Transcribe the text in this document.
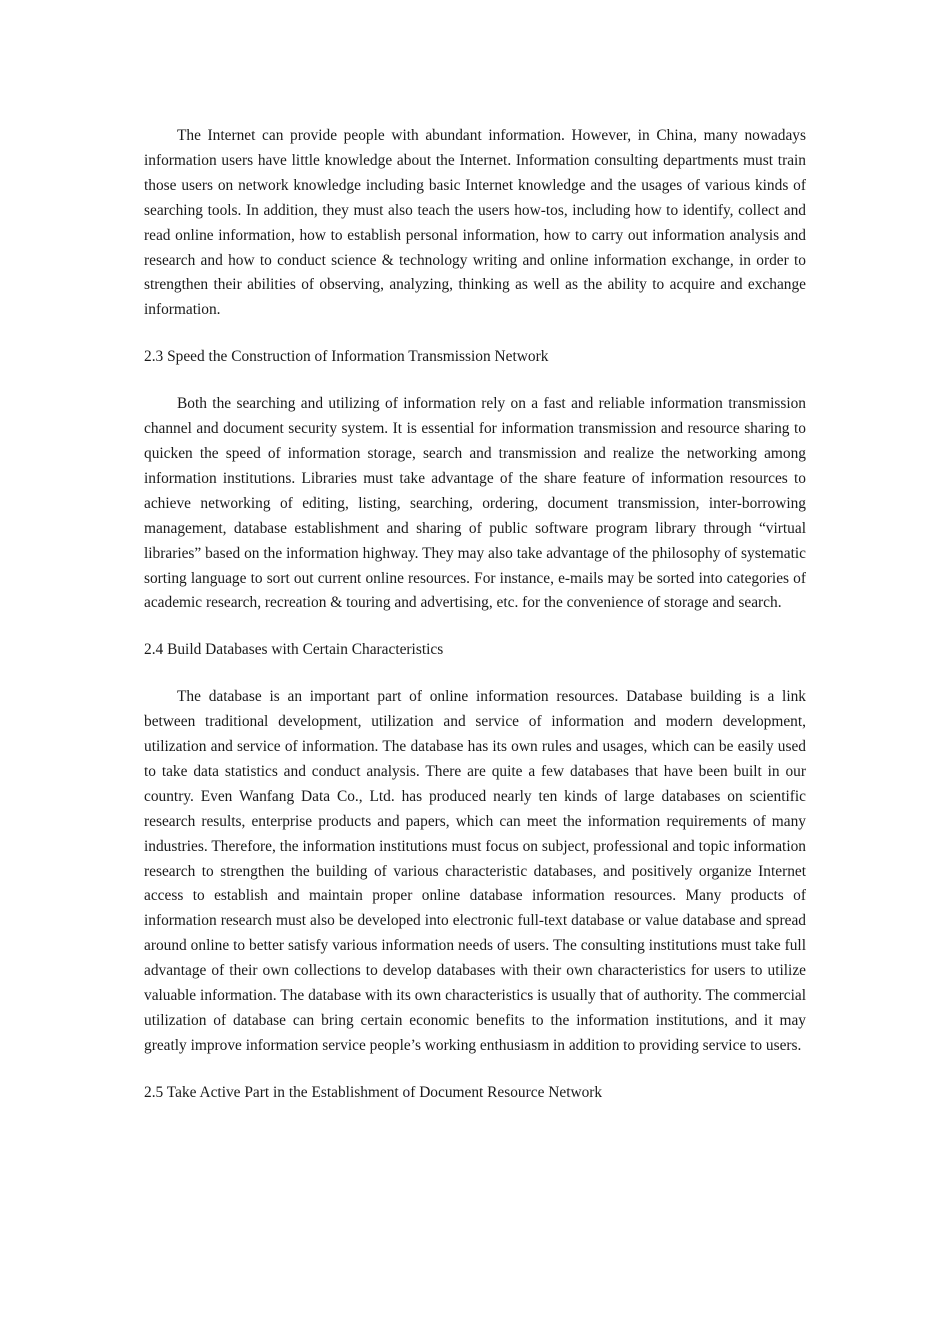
The Internet can provide people with abundant information. However, in China, many nowadays information users have little knowledge about the Internet. Information consulting departments must train those users on network knowledge including basic Internet knowledge and the usages of various kinds of searching tools. In addition, they must also teach the users how-tos, including how to identify, collect and read online information, how to establish personal information, how to carry out information analysis and research and how to conduct science & technology writing and online information exchange, in order to strengthen their abilities of observing, analyzing, thinking as well as the ability to acquire and exchange information.

2.3 Speed the Construction of Information Transmission Network

Both the searching and utilizing of information rely on a fast and reliable information transmission channel and document security system. It is essential for information transmission and resource sharing to quicken the speed of information storage, search and transmission and realize the networking among information institutions. Libraries must take advantage of the share feature of information resources to achieve networking of editing, listing, searching, ordering, document transmission, inter-borrowing management, database establishment and sharing of public software program library through “virtual libraries” based on the information highway. They may also take advantage of the philosophy of systematic sorting language to sort out current online resources. For instance, e-mails may be sorted into categories of academic research, recreation & touring and advertising, etc. for the convenience of storage and search.

2.4 Build Databases with Certain Characteristics

The database is an important part of online information resources. Database building is a link between traditional development, utilization and service of information and modern development, utilization and service of information. The database has its own rules and usages, which can be easily used to take data statistics and conduct analysis. There are quite a few databases that have been built in our country. Even Wanfang Data Co., Ltd. has produced nearly ten kinds of large databases on scientific research results, enterprise products and papers, which can meet the information requirements of many industries. Therefore, the information institutions must focus on subject, professional and topic information research to strengthen the building of various characteristic databases, and positively organize Internet access to establish and maintain proper online database information resources. Many products of information research must also be developed into electronic full-text database or value database and spread around online to better satisfy various information needs of users. The consulting institutions must take full advantage of their own collections to develop databases with their own characteristics for users to utilize valuable information. The database with its own characteristics is usually that of authority. The commercial utilization of database can bring certain economic benefits to the information institutions, and it may greatly improve information service people’s working enthusiasm in addition to providing service to users.

2.5 Take Active Part in the Establishment of Document Resource Network
